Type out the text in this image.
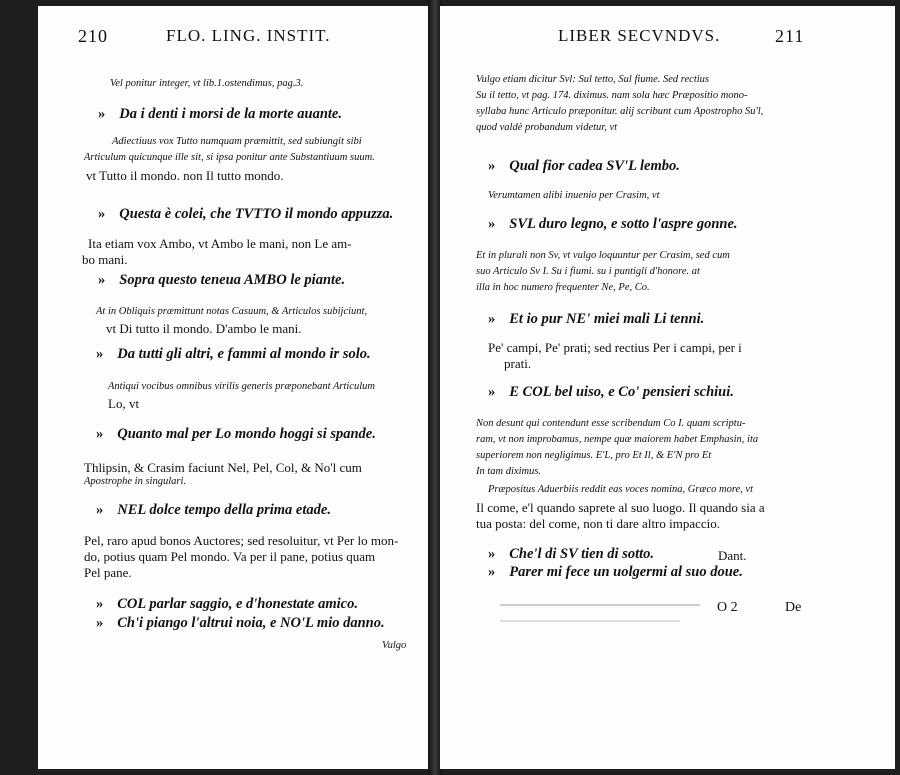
210	FLO. LING. INSTIT.
Vel ponitur integer, vt lib.1.ostendimus, pag.3.
» Da i denti i morsi de la morte auante.
Adiectiuus vox Tutto numquam præmittit, sed subiungit sibi
Articulum quicunque ille sit, si ipsa ponitur ante Substantiuum suum.
vt Tutto il mondo. non Il tutto mondo.
» Questa è colei, che TVTTO il mondo appuzza.
Ita etiam vox Ambo, vt Ambo le mani, non Le am-
bo mani.
» Sopra questo teneua AMBO le piante.
At in Obliquis præmittunt notas Casuum, & Articulos subijciunt,
vt Di tutto il mondo. D'ambo le mani.
» Da tutti gli altri, e fammi al mondo ir solo.
Antiqui vocibus omnibus virilis generis præponebant Articulum
Lo, vt
» Quanto mal per Lo mondo hoggi si spande.
Thlipsin, & Crasim faciunt Nel, Pel, Col, & No'l cum
Apostrophe in singulari.
» NEL dolce tempo della prima etade.
Pel, raro apud bonos Auctores; sed resoluitur, vt Per lo mon-
do, potius quam Pel mondo. Va per il pane, potius quam
Pel pane.
» COL parlar saggio, e d'honestate amico.
» Ch'i piango l'altrui noia, e NO'L mio danno.
Vulgo
LIBER SECVNDVS.	211
Vulgo etiam dicitur Svl: Sul tetto, Sul fiume. Sed rectius
Su il tetto, vt pag. 174. diximus. nam sola hæc Præpositio mono-
syllaba hunc Articulo præponitur. alij scribunt cum Apostropho Su'l,
quod valdè probandum videtur, vt
» Qual fior cadea SV'L lembo.
Verumtamen alibi inuenio per Crasim, vt
» SVL duro legno, e sotto l'aspre gonne.
Et in plurali non Sv, vt vulgo loquuntur per Crasim, sed cum
suo Articulo Sv I. Su i fiumi. su i puntigli d'honore. at
illa in hoc numero frequenter Ne, Pe, Co.
» Et io pur NE' miei mali Li tenni.
Pe' campi, Pe' prati; sed rectius Per i campi, per i
prati.
» E COL bel uiso, e Co' pensieri schiui.
Non desunt qui contendunt esse scribendum Co I. quam scriptu-
ram, vt non improbamus, nempe quæ maiorem habet Emphasin, ita
superiorem non negligimus. E'L, pro Et Il, & E'N pro Et
In tam diximus.
Præpositus Aduerbiis reddit eas voces nomina, Græco more, vt
Il come, e'l quando saprete al suo luogo. Il quando sia a
tua posta: del come, non ti dare altro impaccio.
» Che'l di SV tien di sotto.	Dant.
» Parer mi fece un uolgermi al suo doue.
O 2	De
